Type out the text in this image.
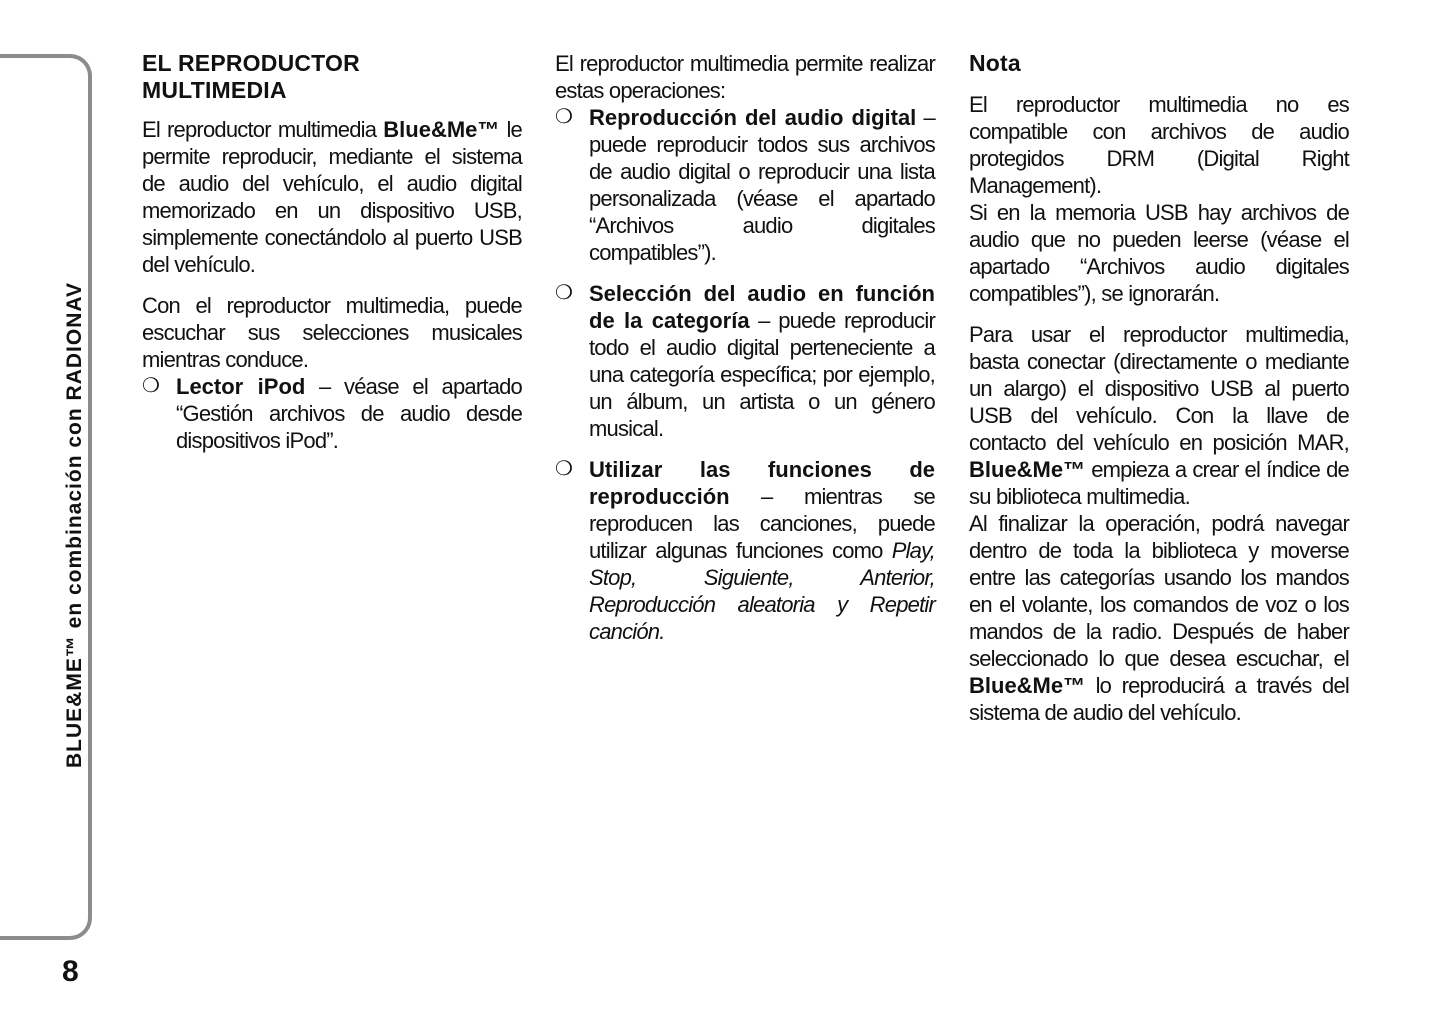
BLUE&ME™ en combinación con RADIONAV
8
EL REPRODUCTOR
MULTIMEDIA

El reproductor multimedia Blue&Me™ le permite reproducir, mediante el sistema de audio del vehículo, el audio digital memorizado en un dispositivo USB, simplemente conectándolo al puerto USB del vehículo.

Con el reproductor multimedia, puede escuchar sus selecciones musicales mientras conduce.

❍ Lector iPod – véase el apartado “Gestión archivos de audio desde dispositivos iPod”.

El reproductor multimedia permite realizar estas operaciones:

❍ Reproducción del audio digital – puede reproducir todos sus archivos de audio digital o reproducir una lista personalizada (véase el apartado “Archivos audio digitales compatibles”).

❍ Selección del audio en función de la categoría – puede reproducir todo el audio digital perteneciente a una categoría específica; por ejemplo, un álbum, un artista o un género musical.

❍ Utilizar las funciones de reproducción – mientras se reproducen las canciones, puede utilizar algunas funciones como Play, Stop, Siguiente, Anterior, Reproducción aleatoria y Repetir canción.

Nota

El reproductor multimedia no es compatible con archivos de audio protegidos DRM (Digital Right Management).

Si en la memoria USB hay archivos de audio que no pueden leerse (véase el apartado “Archivos audio digitales compatibles”), se ignorarán.

Para usar el reproductor multimedia, basta conectar (directamente o mediante un alargo) el dispositivo USB al puerto USB del vehículo. Con la llave de contacto del vehículo en posición MAR, Blue&Me™ empieza a crear el índice de su biblioteca multimedia.

Al finalizar la operación, podrá navegar dentro de toda la biblioteca y moverse entre las categorías usando los mandos en el volante, los comandos de voz o los mandos de la radio. Después de haber seleccionado lo que desea escuchar, el Blue&Me™ lo reproducirá a través del sistema de audio del vehículo.
